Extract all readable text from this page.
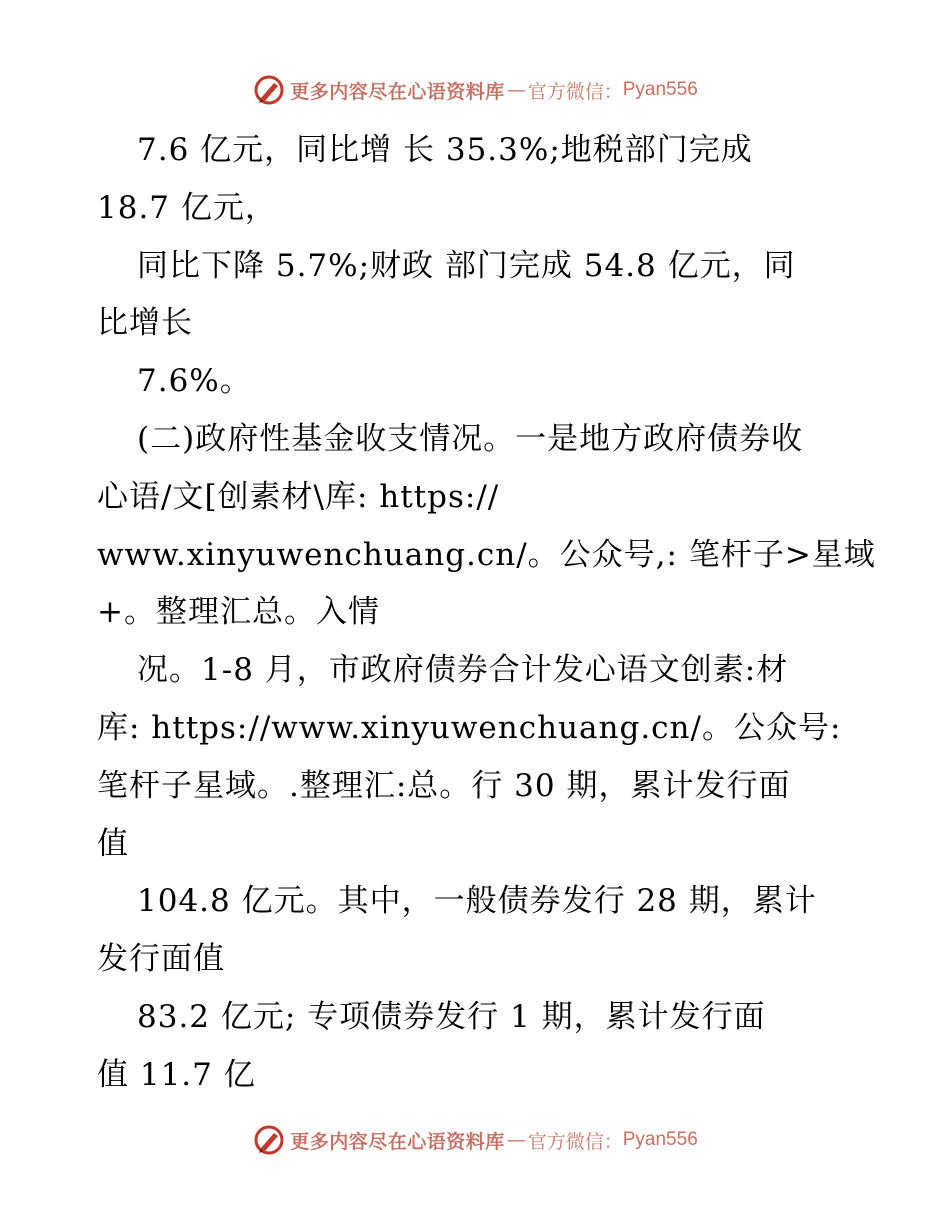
更多内容尽在心语资料库 — 官方微信： Pyan556
7.6 亿元，同比增 长 35.3%;地税部门完成
18.7 亿元，
同比下降 5.7%;财政 部门完成 54.8 亿元，同
比增长
7.6%。
(二)政府性基金收支情况。一是地方政府债券收
心语/文[创素材\库: https://
www.xinyuwenchuang.cn/。公众号,: 笔杆子>星域
+。整理汇总。入情
况。1-8 月，市政府债券合计发心语文创素:材
库: https://www.xinyuwenchuang.cn/。公众号:
笔杆子星域。.整理汇:总。行 30 期，累计发行面
值
104.8 亿元。其中，一般债券发行 28 期，累计
发行面值
83.2 亿元; 专项债券发行 1 期，累计发行面
值 11.7 亿
更多内容尽在心语资料库 — 官方微信： Pyan556
